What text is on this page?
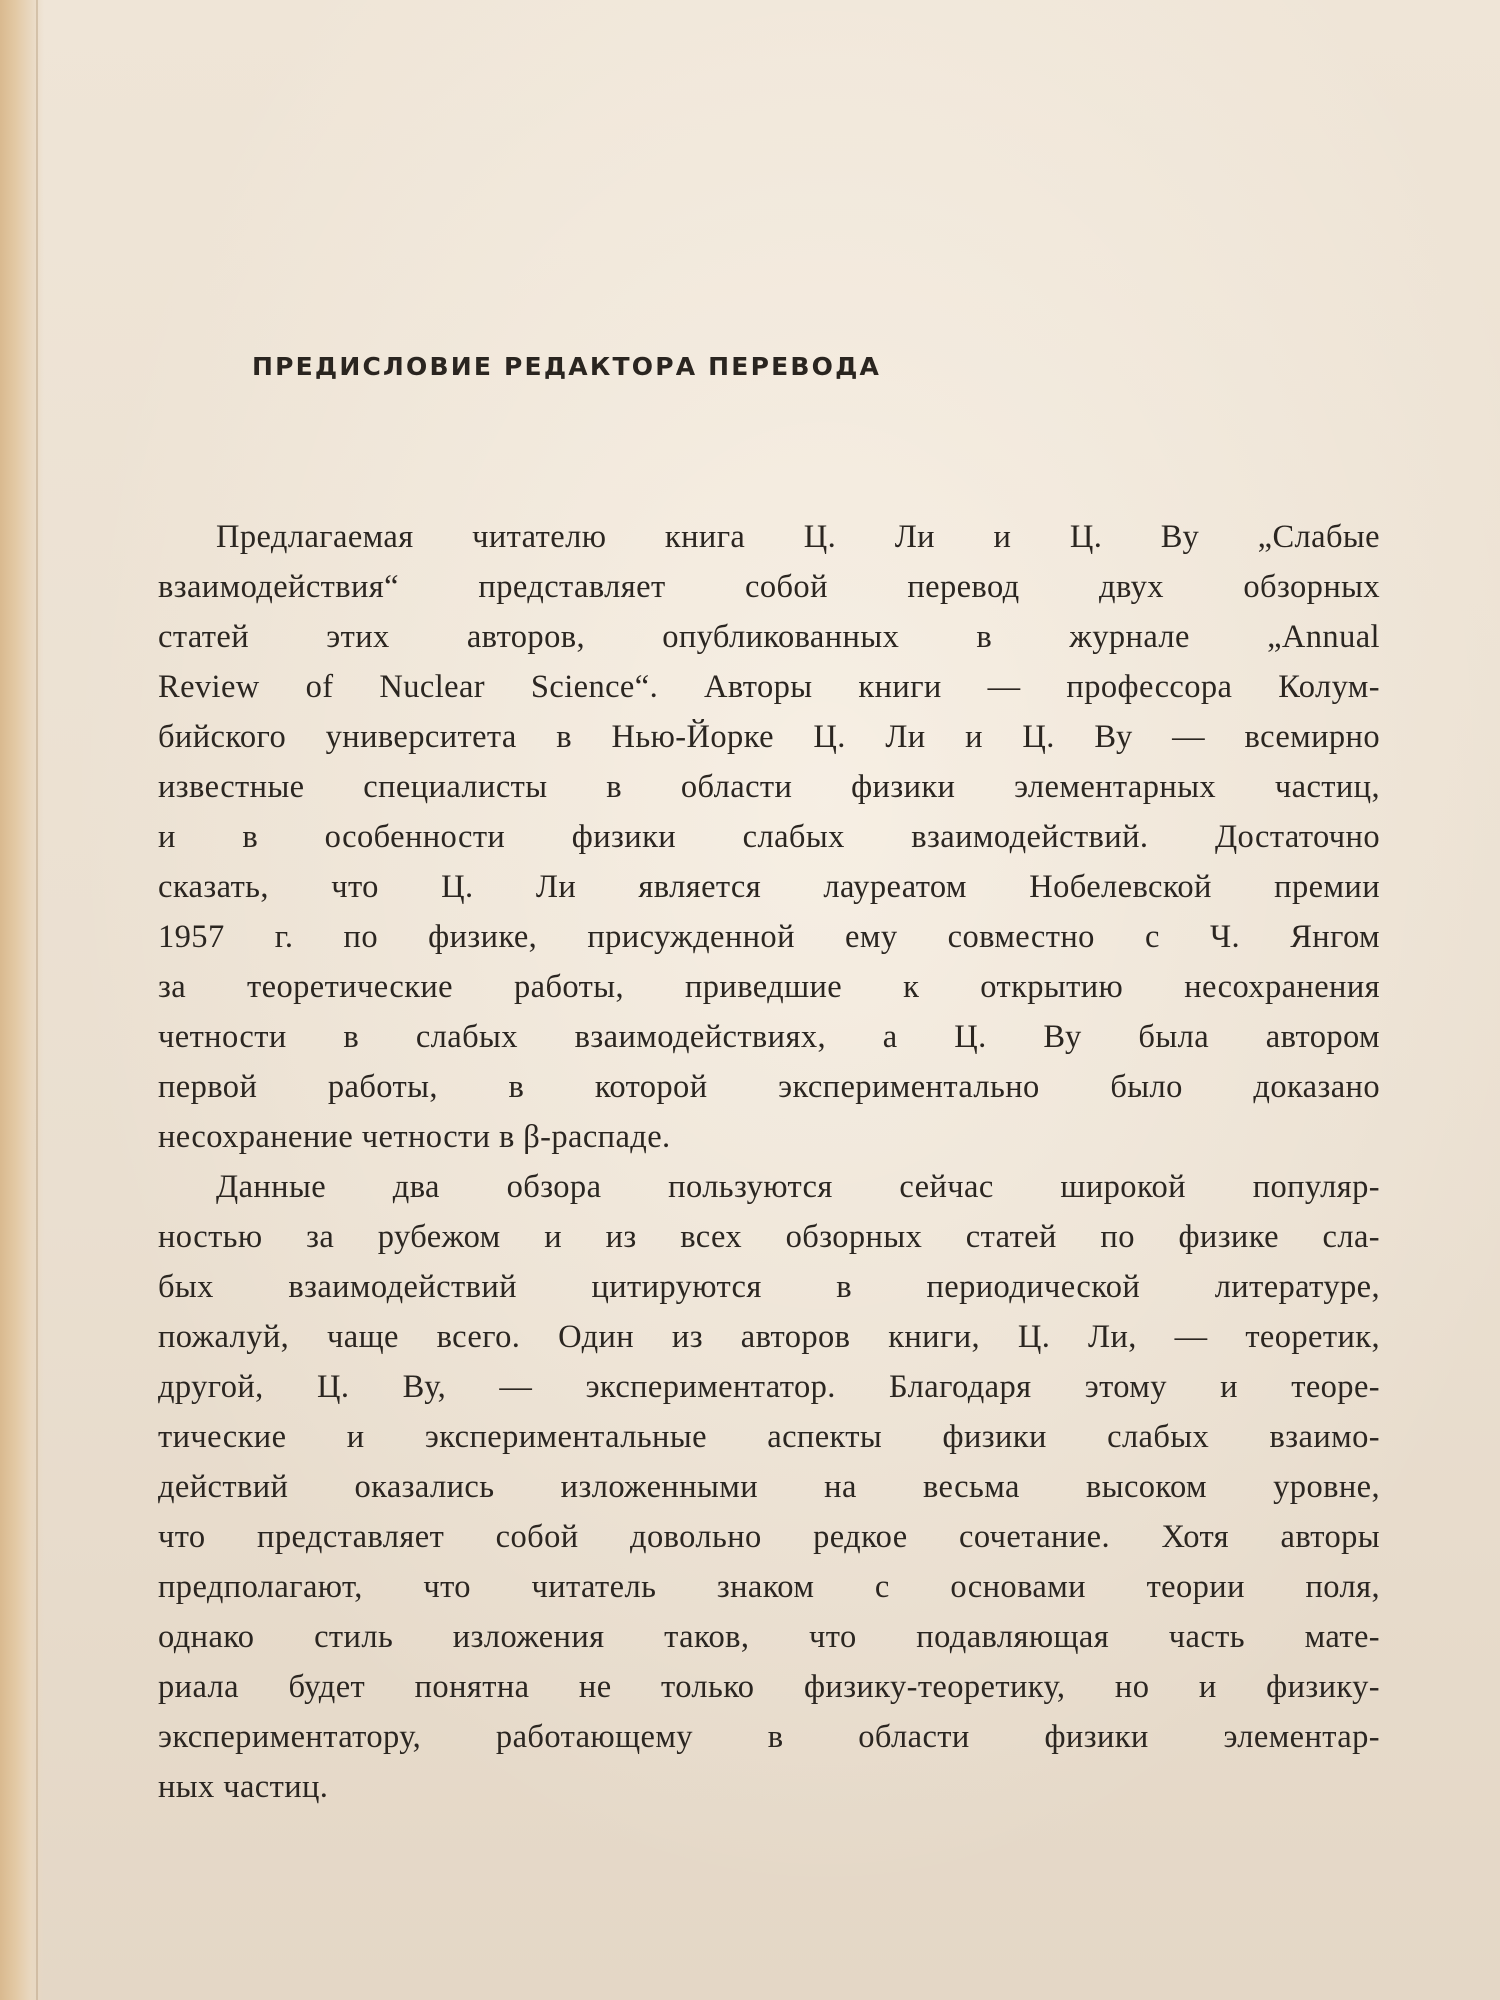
ПРЕДИСЛОВИЕ РЕДАКТОРА ПЕРЕВОДА
Предлагаемая читателю книга Ц. Ли и Ц. Ву „Слабые
взаимодействия“ представляет собой перевод двух обзорных
статей этих авторов, опубликованных в журнале „Annual
Review of Nuclear Science“. Авторы книги — профессора Колум-
бийского университета в Нью-Йорке Ц. Ли и Ц. Ву — всемирно
известные специалисты в области физики элементарных частиц,
и в особенности физики слабых взаимодействий. Достаточно
сказать, что Ц. Ли является лауреатом Нобелевской премии
1957 г. по физике, присужденной ему совместно с Ч. Янгом
за теоретические работы, приведшие к открытию несохранения
четности в слабых взаимодействиях, а Ц. Ву была автором
первой работы, в которой экспериментально было доказано
несохранение четности в β-распаде.
Данные два обзора пользуются сейчас широкой популяр-
ностью за рубежом и из всех обзорных статей по физике сла-
бых взаимодействий цитируются в периодической литературе,
пожалуй, чаще всего. Один из авторов книги, Ц. Ли, — теоретик,
другой, Ц. Ву, — экспериментатор. Благодаря этому и теоре-
тические и экспериментальные аспекты физики слабых взаимо-
действий оказались изложенными на весьма высоком уровне,
что представляет собой довольно редкое сочетание. Хотя авторы
предполагают, что читатель знаком с основами теории поля,
однако стиль изложения таков, что подавляющая часть мате-
риала будет понятна не только физику-теоретику, но и физику-
экспериментатору, работающему в области физики элементар-
ных частиц.
